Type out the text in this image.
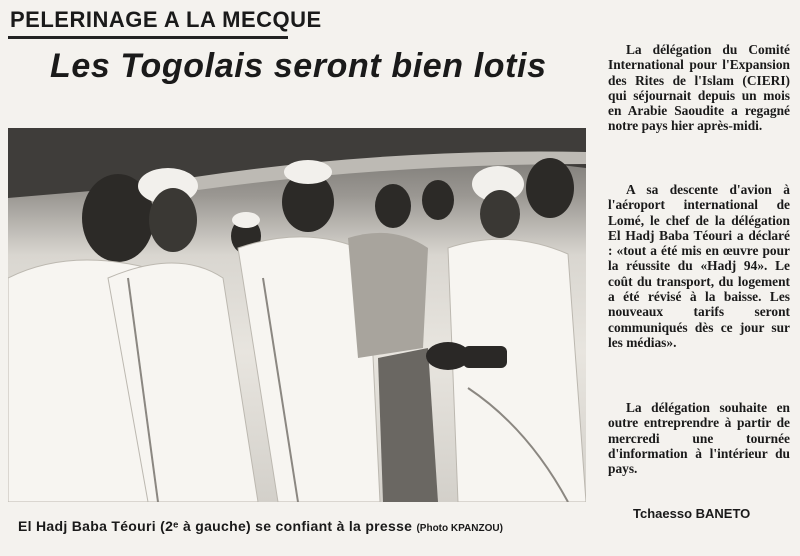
PELERINAGE A LA MECQUE
Les Togolais seront bien lotis
El Hadj Baba Téouri (2ᵉ à gauche) se confiant à la presse (Photo KPANZOU)

La délégation du Comité International pour l'Expansion des Rites de l'Islam (CIERI) qui séjournait depuis un mois en Arabie Saoudite a regagné notre pays hier après-midi.

A sa descente d'avion à l'aéroport international de Lomé, le chef de la délégation El Hadj Baba Téouri a déclaré : «tout a été mis en œuvre pour la réussite du «Hadj 94». Le coût du transport, du logement a été révisé à la baisse. Les nouveaux tarifs seront communiqués dès ce jour sur les médias».

La délégation souhaite en outre entreprendre à partir de mercredi une tournée d'information à l'intérieur du pays.

Tchaesso BANETO
